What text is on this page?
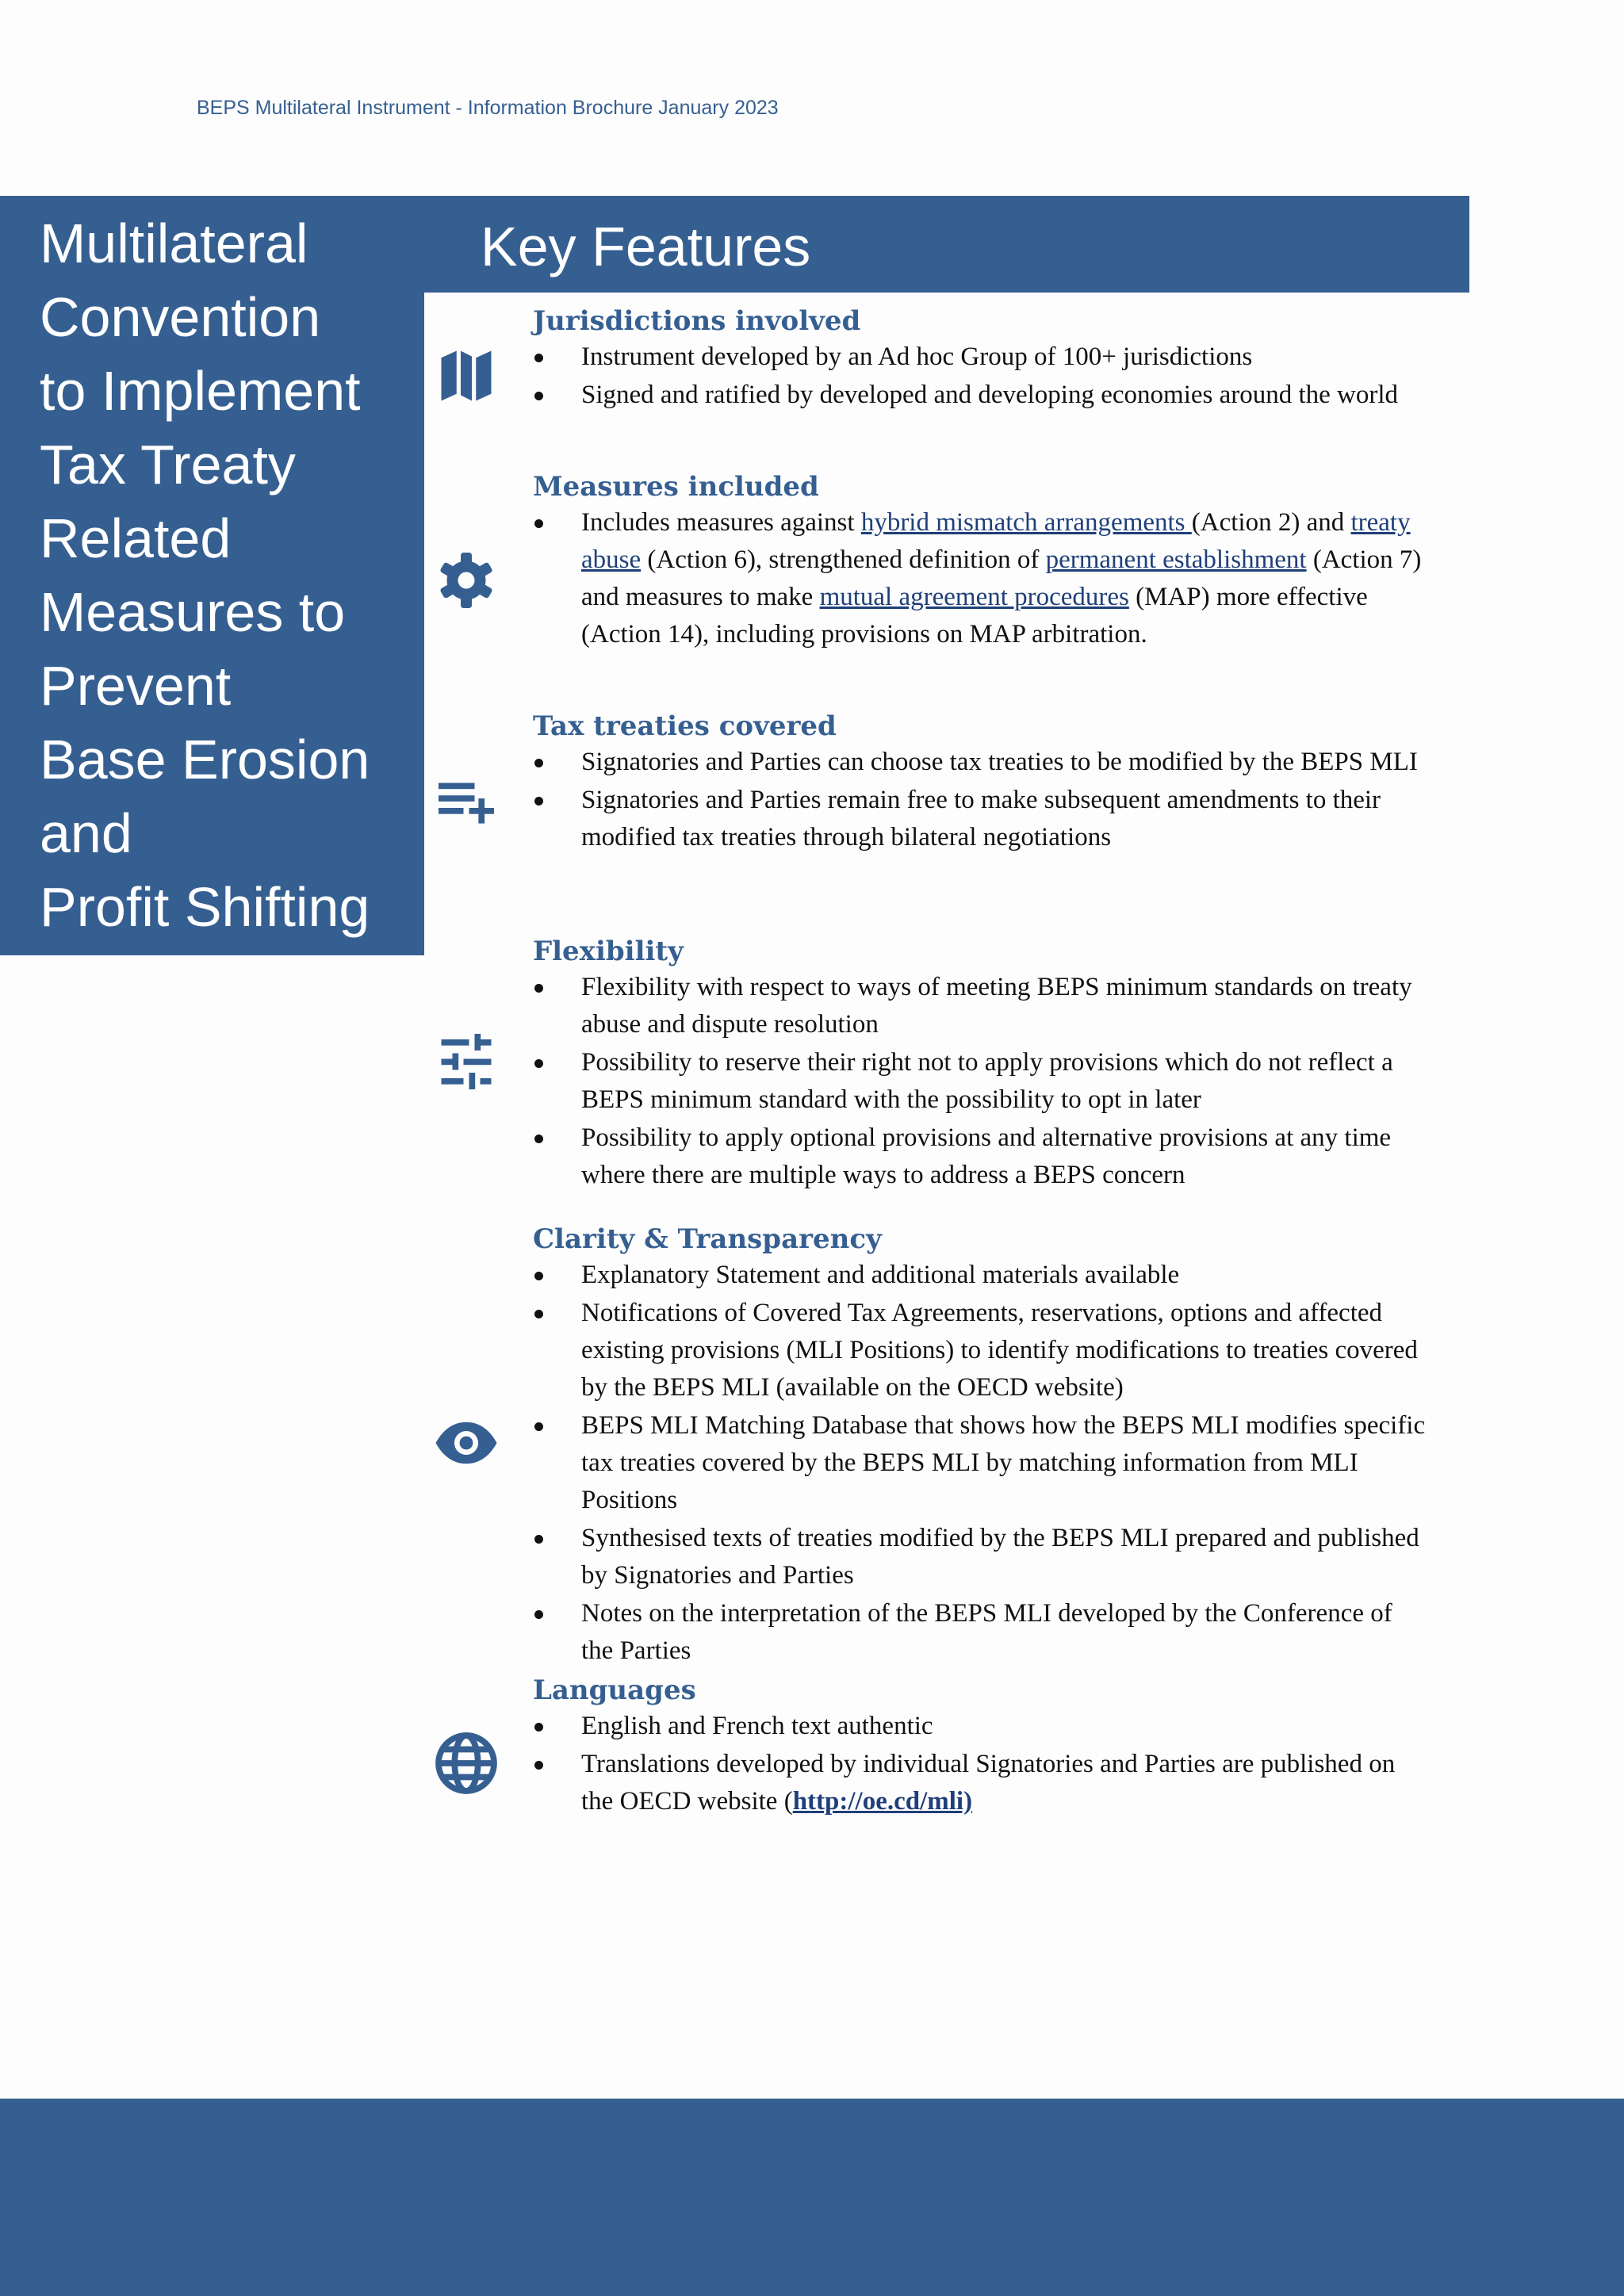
BEPS Multilateral Instrument - Information Brochure January 2023
Multilateral
Convention
to Implement
Tax Treaty
Related
Measures to
Prevent
Base Erosion
and
Profit Shifting
Key Features
Jurisdictions involved
Instrument developed by an Ad hoc Group of 100+ jurisdictions
Signed and ratified by developed and developing economies around the world
Measures included
Includes measures against hybrid mismatch arrangements (Action 2) and treaty abuse (Action 6), strengthened definition of permanent establishment (Action 7) and measures to make mutual agreement procedures (MAP) more effective (Action 14), including provisions on MAP arbitration.
Tax treaties covered
Signatories and Parties can choose tax treaties to be modified by the BEPS MLI
Signatories and Parties remain free to make subsequent amendments to their modified tax treaties through bilateral negotiations
Flexibility
Flexibility with respect to ways of meeting BEPS minimum standards on treaty abuse and dispute resolution
Possibility to reserve their right not to apply provisions which do not reflect a BEPS minimum standard with the possibility to opt in later
Possibility to apply optional provisions and alternative provisions at any time where there are multiple ways to address a BEPS concern
Clarity & Transparency
Explanatory Statement and additional materials available
Notifications of Covered Tax Agreements, reservations, options and affected existing provisions (MLI Positions) to identify modifications to treaties covered by the BEPS MLI (available on the OECD website)
BEPS MLI Matching Database that shows how the BEPS MLI modifies specific tax treaties covered by the BEPS MLI by matching information from MLI Positions
Synthesised texts of treaties modified by the BEPS MLI prepared and published by Signatories and Parties
Notes on the interpretation of the BEPS MLI developed by the Conference of the Parties
Languages
English and French text authentic
Translations developed by individual Signatories and Parties are published on the OECD website (http://oe.cd/mli)
